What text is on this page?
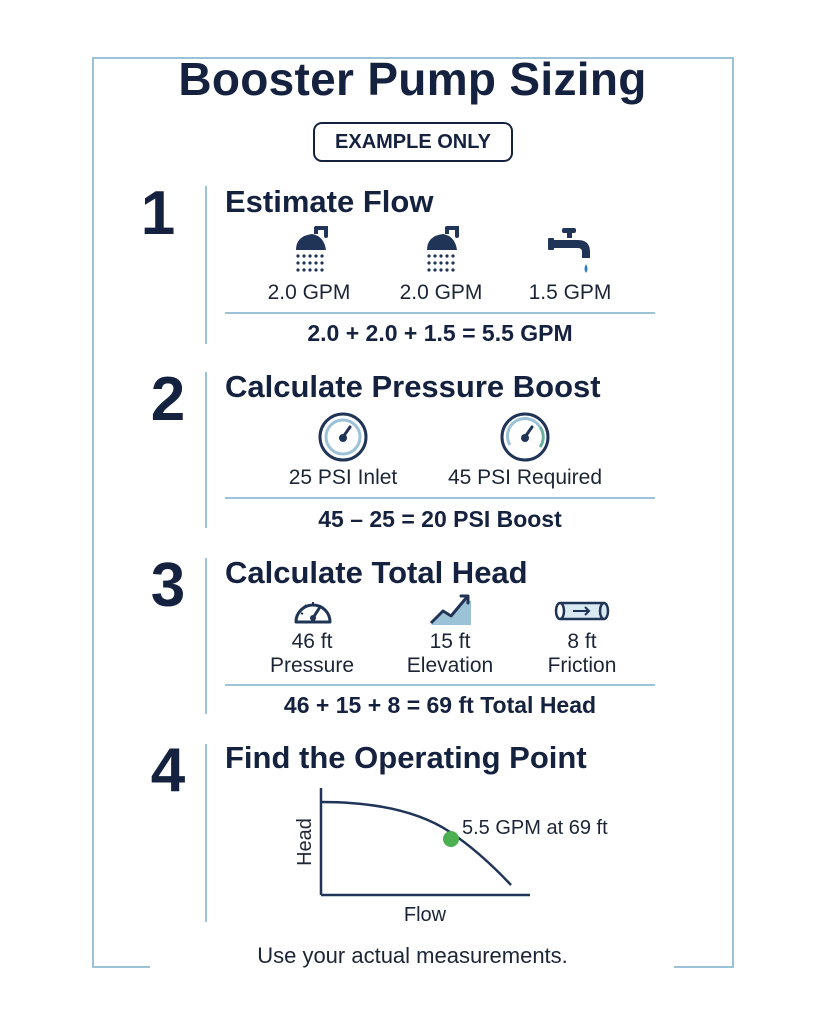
Booster Pump Sizing
EXAMPLE ONLY
1	Estimate Flow
2.0 GPM	2.0 GPM	1.5 GPM
2.0 + 2.0 + 1.5 = 5.5 GPM
2	Calculate Pressure Boost
25 PSI Inlet	45 PSI Required
45 – 25 = 20 PSI Boost
3	Calculate Total Head
46 ft
Pressure
15 ft
Elevation
8 ft
Friction
46 + 15 + 8 = 69 ft Total Head
4	Find the Operating Point
5.5 GPM at 69 ft
Head
Flow
Use your actual measurements.
